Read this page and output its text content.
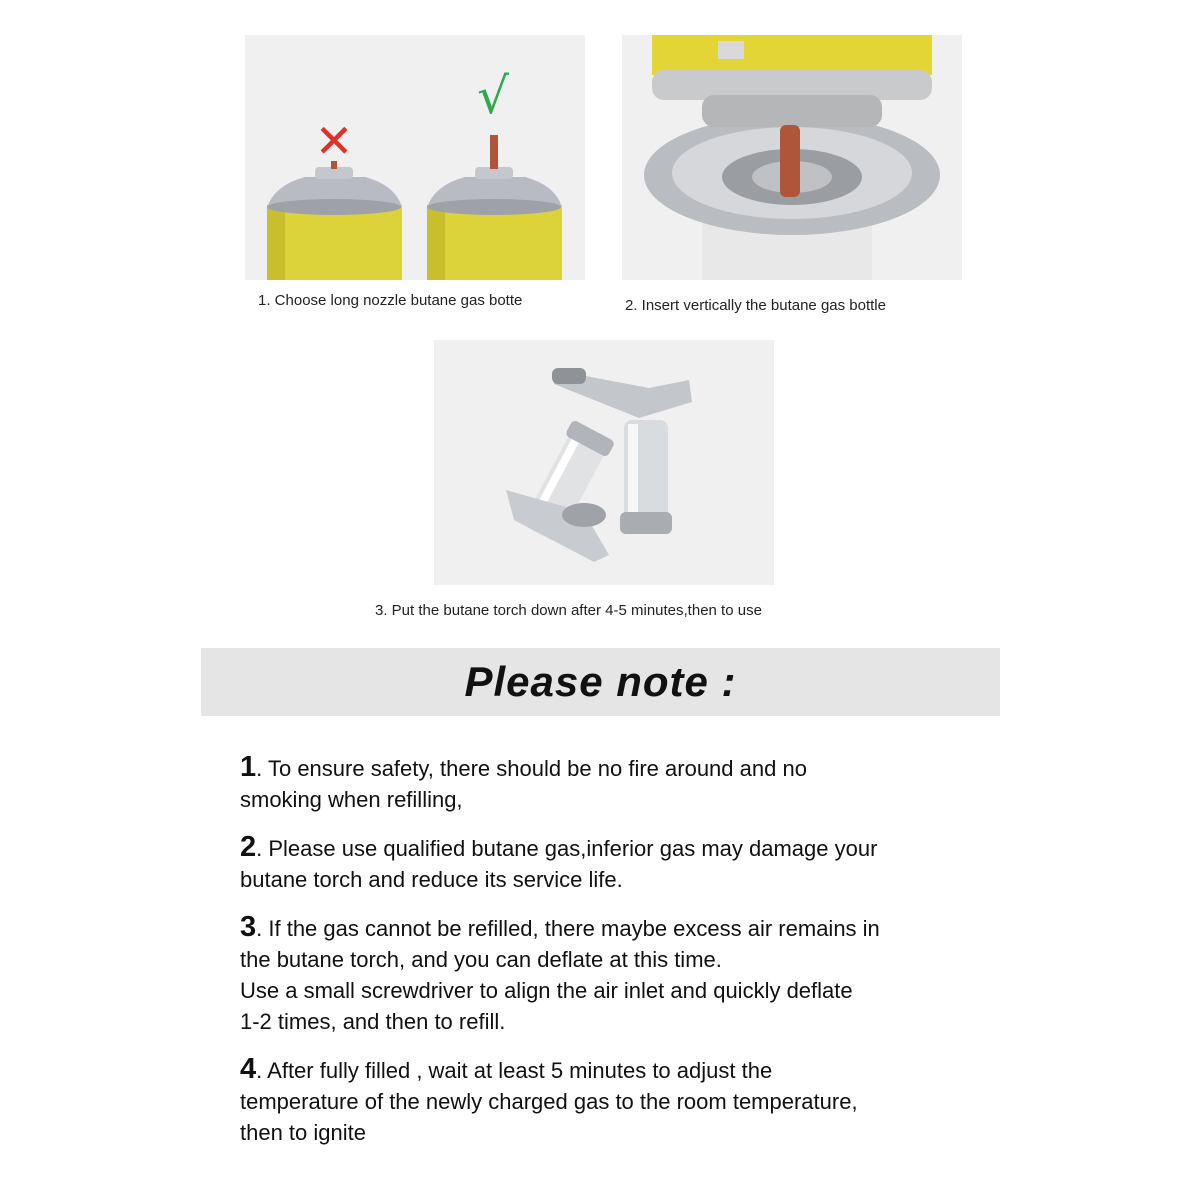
✕
√
1. Choose long nozzle butane gas botte	2. Insert vertically the butane gas bottle
3. Put the butane torch down after 4-5 minutes,then to use
Please note :
1. To ensure safety, there should be no fire around and no
smoking when refilling,
2. Please use qualified butane gas,inferior gas may damage your
butane torch and reduce its service life.
3. If the gas cannot be refilled, there maybe excess air remains in
the butane torch, and you can deflate at this time.
Use a small screwdriver to align the air inlet and quickly deflate
1-2 times, and then to refill.
4. After fully filled , wait at least 5 minutes to adjust the
temperature of the newly charged gas to the room temperature,
then to ignite
